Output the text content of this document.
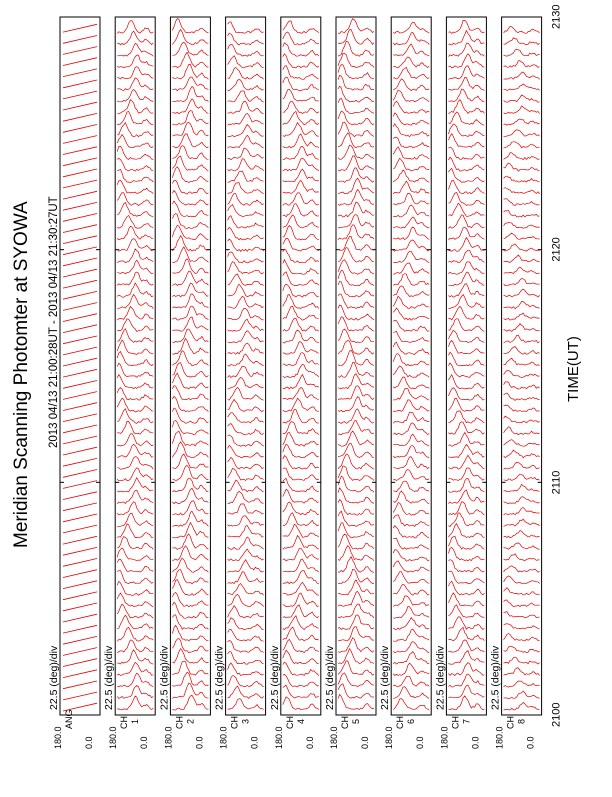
Meridian Scanning Photomter at SYOWA 2013 04/13 21:00:28UT - 2013 04/13 21:30:27UT	TIME(UT)
ANG
180.0 0.0
22.5 (deg)/div
CH 1
180.0 0.0
22.5 (deg)/div
CH 2
180.0 0.0
22.5 (deg)/div
CH 3
180.0 0.0
22.5 (deg)/div
CH 4
180.0 0.0
22.5 (deg)/div
CH 5
180.0 0.0
22.5 (deg)/div
CH 6
180.0 0.0
22.5 (deg)/div
CH 7
180.0 0.0
22.5 (deg)/div
CH 8
180.0 0.0
22.5 (deg)/div
2100
2110
2120
2130
